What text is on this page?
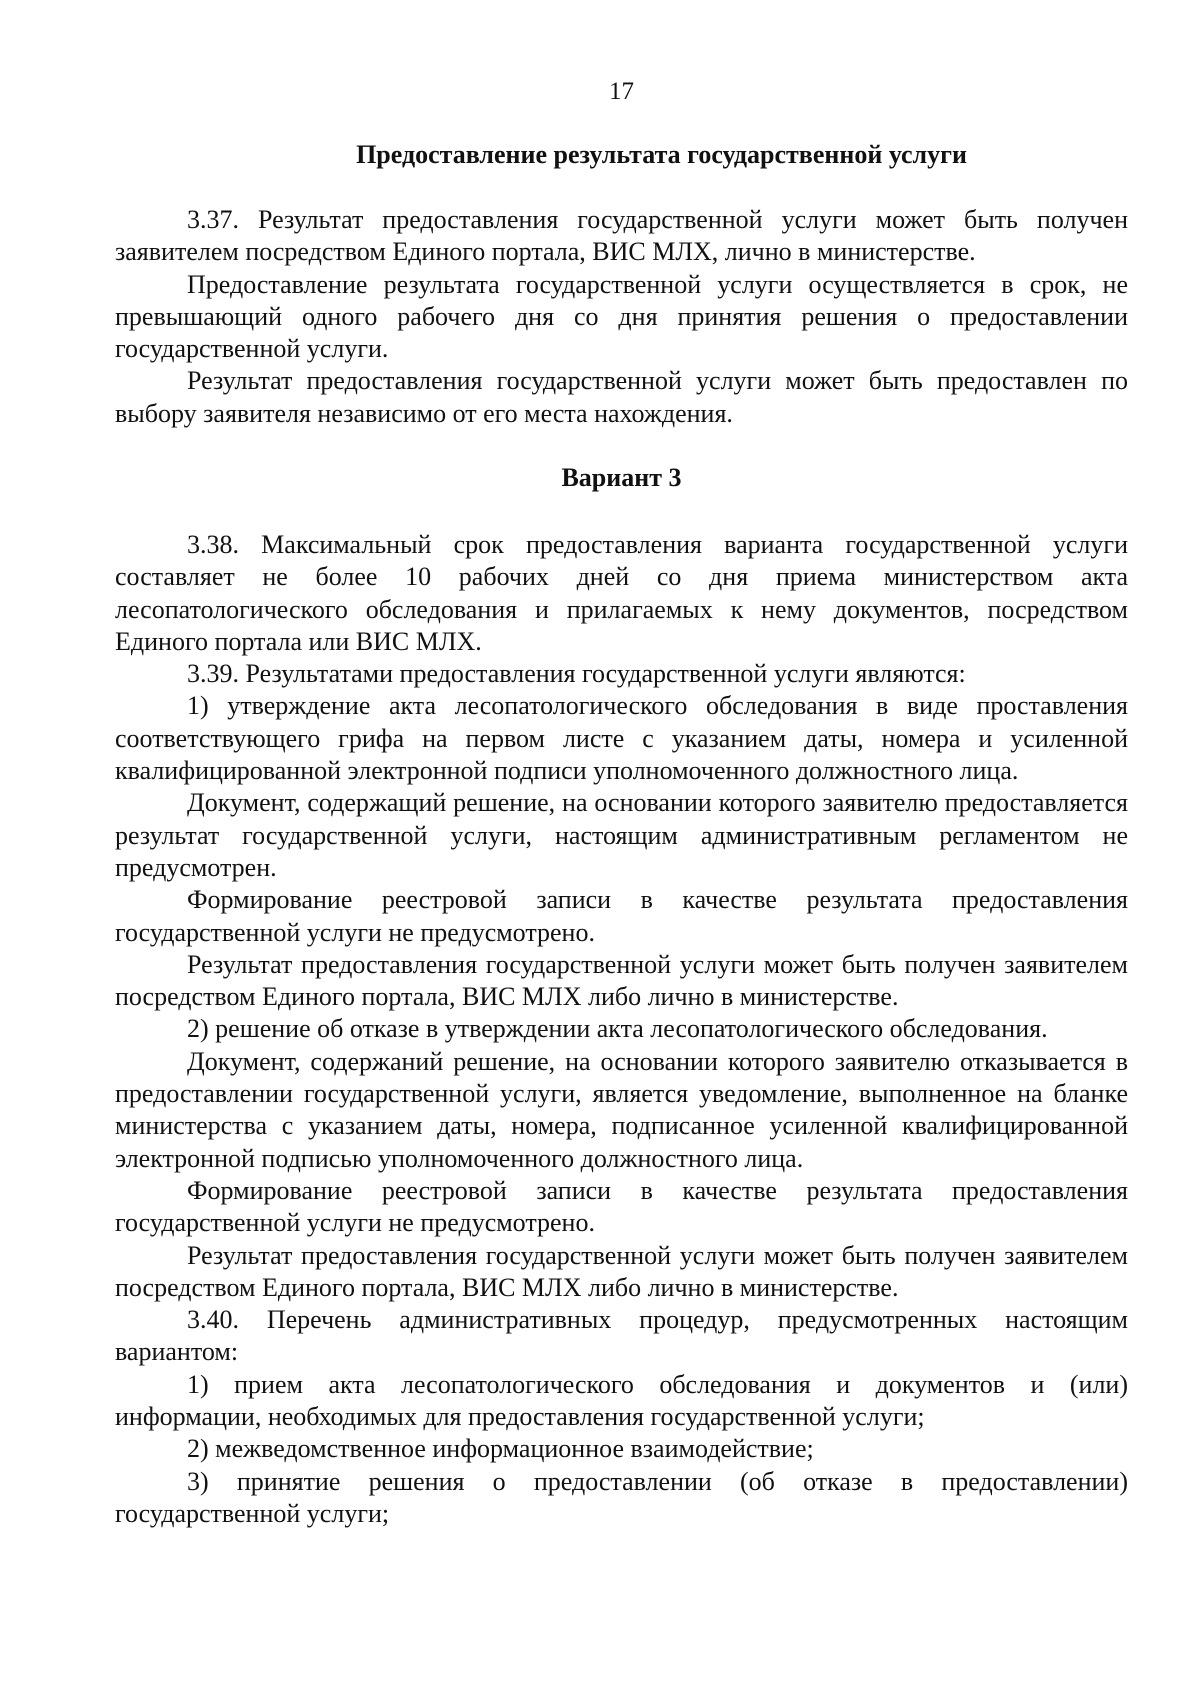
17
Предоставление результата государственной услуги

3.37. Результат предоставления государственной услуги может быть получен заявителем посредством Единого портала, ВИС МЛХ, лично в министерстве.

Предоставление результата государственной услуги осуществляется в срок, не превышающий одного рабочего дня со дня принятия решения о предоставлении государственной услуги.

Результат предоставления государственной услуги может быть предоставлен по выбору заявителя независимо от его места нахождения.

Вариант 3

3.38. Максимальный срок предоставления варианта государственной услуги составляет не более 10 рабочих дней со дня приема министерством акта лесопатологического обследования и прилагаемых к нему документов, посредством Единого портала или ВИС МЛХ.

3.39. Результатами предоставления государственной услуги являются:

1) утверждение акта лесопатологического обследования в виде проставления соответствующего грифа на первом листе с указанием даты, номера и усиленной квалифицированной электронной подписи уполномоченного должностного лица.

Документ, содержащий решение, на основании которого заявителю предоставляется результат государственной услуги, настоящим административным регламентом не предусмотрен.

Формирование реестровой записи в качестве результата предоставления государственной услуги не предусмотрено.

Результат предоставления государственной услуги может быть получен заявителем посредством Единого портала, ВИС МЛХ либо лично в министерстве.

2) решение об отказе в утверждении акта лесопатологического обследования.

Документ, содержаний решение, на основании которого заявителю отказывается в предоставлении государственной услуги, является уведомление, выполненное на бланке министерства с указанием даты, номера, подписанное усиленной квалифицированной электронной подписью уполномоченного должностного лица.

Формирование реестровой записи в качестве результата предоставления государственной услуги не предусмотрено.

Результат предоставления государственной услуги может быть получен заявителем посредством Единого портала, ВИС МЛХ либо лично в министерстве.

3.40. Перечень административных процедур, предусмотренных настоящим вариантом:

1) прием акта лесопатологического обследования и документов и (или) информации, необходимых для предоставления государственной услуги;

2) межведомственное информационное взаимодействие;

3) принятие решения о предоставлении (об отказе в предоставлении) государственной услуги;
